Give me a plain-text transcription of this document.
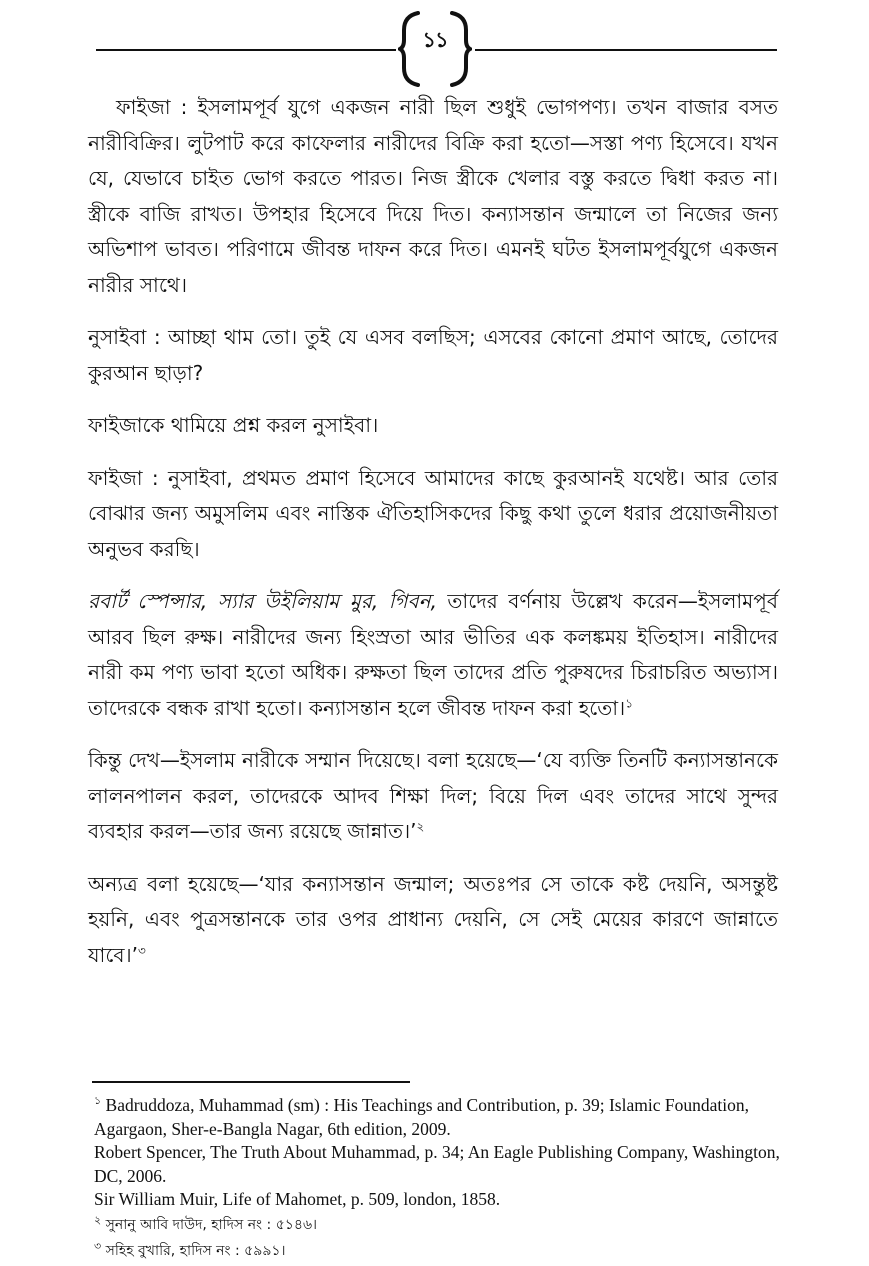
১১

ফাইজা : ইসলামপূর্ব যুগে একজন নারী ছিল শুধুই ভোগপণ্য। তখন বাজার বসত নারীবিক্রির। লুটপাট করে কাফেলার নারীদের বিক্রি করা হতো—সস্তা পণ্য হিসেবে। যখন যে, যেভাবে চাইত ভোগ করতে পারত। নিজ স্ত্রীকে খেলার বস্তু করতে দ্বিধা করত না। স্ত্রীকে বাজি রাখত। উপহার হিসেবে দিয়ে দিত। কন্যাসন্তান জন্মালে তা নিজের জন্য অভিশাপ ভাবত। পরিণামে জীবন্ত দাফন করে দিত। এমনই ঘটত ইসলামপূর্বযুগে একজন নারীর সাথে।

নুসাইবা : আচ্ছা থাম তো। তুই যে এসব বলছিস; এসবের কোনো প্রমাণ আছে, তোদের কুরআন ছাড়া?

ফাইজাকে থামিয়ে প্রশ্ন করল নুসাইবা।

ফাইজা : নুসাইবা, প্রথমত প্রমাণ হিসেবে আমাদের কাছে কুরআনই যথেষ্ট। আর তোর বোঝার জন্য অমুসলিম এবং নাস্তিক ঐতিহাসিকদের কিছু কথা তুলে ধরার প্রয়োজনীয়তা অনুভব করছি।

রবার্ট স্পেন্সার, স্যার উইলিয়াম মুর, গিবন, তাদের বর্ণনায় উল্লেখ করেন—ইসলামপূর্ব আরব ছিল রুক্ষ। নারীদের জন্য হিংস্রতা আর ভীতির এক কলঙ্কময় ইতিহাস। নারীদের নারী কম পণ্য ভাবা হতো অধিক। রুক্ষতা ছিল তাদের প্রতি পুরুষদের চিরাচরিত অভ্যাস। তাদেরকে বন্ধক রাখা হতো। কন্যাসন্তান হলে জীবন্ত দাফন করা হতো।$^১$

কিন্তু দেখ—ইসলাম নারীকে সম্মান দিয়েছে। বলা হয়েছে—‘যে ব্যক্তি তিনটি কন্যাসন্তানকে লালনপালন করল, তাদেরকে আদব শিক্ষা দিল; বিয়ে দিল এবং তাদের সাথে সুন্দর ব্যবহার করল—তার জন্য রয়েছে জান্নাত।’$^২$

অন্যত্র বলা হয়েছে—‘যার কন্যাসন্তান জন্মাল; অতঃপর সে তাকে কষ্ট দেয়নি, অসন্তুষ্ট হয়নি, এবং পুত্রসন্তানকে তার ওপর প্রাধান্য দেয়নি, সে সেই মেয়ের কারণে জান্নাতে যাবে।’$^৩$

$^১$ Badruddoza, Muhammad (sm) : His Teachings and Contribution, p. 39; Islamic Foundation, Agargaon, Sher-e-Bangla Nagar, 6th edition, 2009.

Robert Spencer, The Truth About Muhammad, p. 34; An Eagle Publishing Company, Washington, DC, 2006.

Sir William Muir, Life of Mahomet, p. 509, london, 1858.

$^২$ সুনানু আবি দাউদ, হাদিস নং : ৫১৪৬।

$^৩$ সহিহ বুখারি, হাদিস নং : ৫৯৯১।
